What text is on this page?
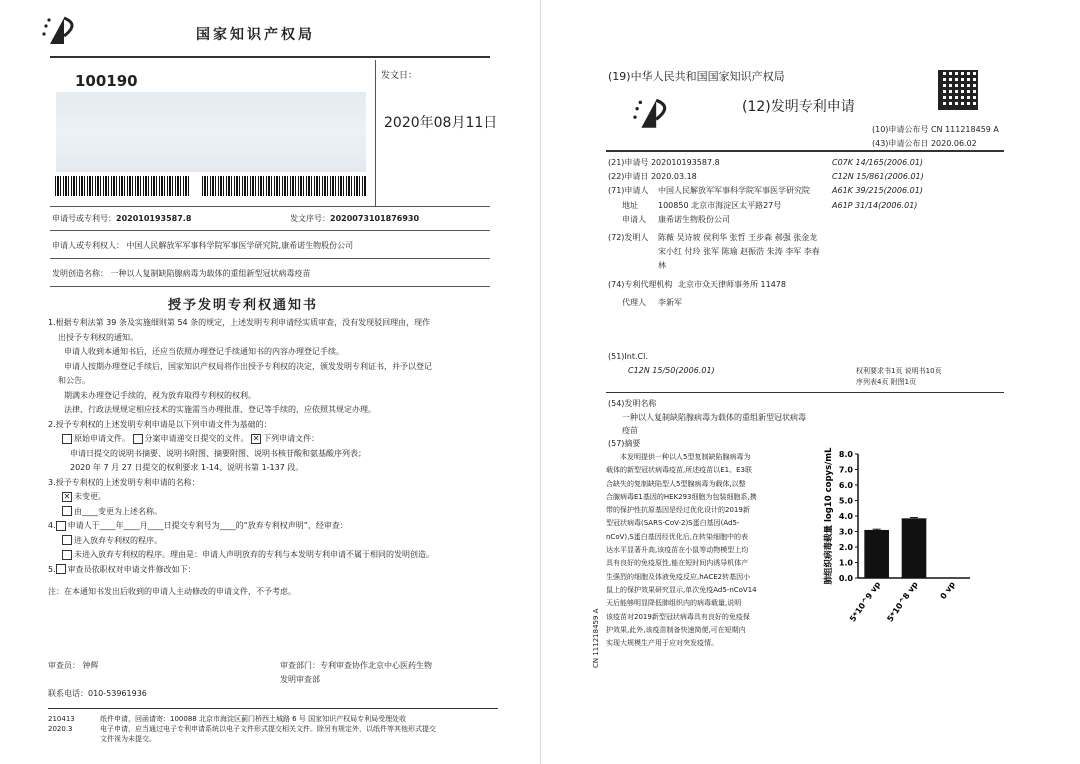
国家知识产权局
100190	发文日：
2020年08月11日
申请号或专利号：202010193587.8	发文序号：2020073101876930
申请人或专利权人： 中国人民解放军军事科学院军事医学研究院,康希诺生物股份公司
发明创造名称： 一种以人复制缺陷腺病毒为载体的重组新型冠状病毒疫苗
授予发明专利权通知书
1.根据专利法第 39 条及实施细则第 54 条的规定，上述发明专利申请经实质审查，没有发现驳回理由，现作
出授予专利权的通知。
申请人收到本通知书后，还应当依照办理登记手续通知书的内容办理登记手续。
申请人按期办理登记手续后，国家知识产权局将作出授予专利权的决定，颁发发明专利证书，并予以登记
和公告。
期满未办理登记手续的，视为放弃取得专利权的权利。
法律、行政法规规定相应技术的实施需当办理批准、登记等手续的，应依照其规定办理。
2.授予专利权的上述发明专利申请是以下列申请文件为基础的：
原始申请文件。 分案申请递交日提交的文件。 ✕ 下列申请文件：
申请日提交的说明书摘要、说明书附图、摘要附图、说明书核苷酸和氨基酸序列表；
2020 年 7 月 27 日提交的权利要求 1-14、说明书第 1-137 段。
3.授予专利权的上述发明专利申请的名称：
✕ 未变更。
由____变更为上述名称。
4. 申请人于____年____月____日提交专利号为____的“放弃专利权声明”，经审查：
进入放弃专利权的程序。
未进入放弃专利权的程序。理由是：申请人声明放弃的专利与本发明专利申请不属于相同的发明创造。
5. 审查员依职权对申请文件修改如下：
注：在本通知书发出后收到的申请人主动修改的申请文件，不予考虑。
审查员： 钟辉	审查部门：专利审查协作北京中心医药生物
发明审查部
联系电话：010-53961936
210413
2020.3
纸件申请，回函请寄：100088 北京市海淀区蓟门桥西土城路 6 号 国家知识产权局专利局受理处收
电子申请，应当通过电子专利申请系统以电子文件形式提交相关文件。除另有规定外，以纸件等其他形式提交
文件视为未提交。
(19)中华人民共和国国家知识产权局
(12)发明专利申请
(10)申请公布号 CN 111218459 A
(43)申请公布日 2020.06.02
(21)申请号 202010193587.8
(22)申请日 2020.03.18
(71)申请人	中国人民解放军军事科学院军事医学研究院
地址	100850 北京市海淀区太平路27号
申请人	康希诺生物股份公司
(72)发明人	陈薇 吴诗坡 侯利华 张哲 王步森 郝强 张金龙 宋小红 付玲 张军 陈瑜 赵振浩 朱涛 李军 李春林
(74)专利代理机构 北京市众天律师事务所 11478
代理人	李新军
C07K 14/165(2006.01)
C12N 15/861(2006.01)
A61K 39/215(2006.01)
A61P 31/14(2006.01)
(51)Int.Cl.
C12N 15/50(2006.01)	权利要求书1页 说明书10页
序列表4页 附图1页
(54)发明名称
一种以人复制缺陷腺病毒为载体的重组新型冠状病毒疫苗
(57)摘要
本发明提供一种以人5型复制缺陷腺病毒为
载体的新型冠状病毒疫苗,所述疫苗以E1、E3联
合缺失的复制缺陷型人5型腺病毒为载体,以整
合腺病毒E1基因的HEK293细胞为包装细胞系,携
带的保护性抗原基因是经过优化设计的2019新
型冠状病毒(SARS-CoV-2)S蛋白基因(Ad5-
nCoV),S蛋白基因经优化后,在转染细胞中的表
达水平显著升高,该疫苗在小鼠等动物模型上均
具有良好的免疫原性,能在短时间内诱导机体产
生强烈的细胞及体液免疫反应,hACE2转基因小
鼠上的保护效果研究显示,单次免疫Ad5-nCoV14
天后能够明显降低肺组织内的病毒载量,说明
该疫苗对2019新型冠状病毒具有良好的免疫保
护效果,此外,该疫苗制备快速简便,可在短期内
实现大规模生产用于应对突发疫情。
CN 111218459 A
0.0
1.0
2.0
3.0
4.0
5.0
6.0
7.0
8.0
肺组织病毒载量 log10 copys/mL
5*10^9 vp 5*10^8 vp 0 vp
